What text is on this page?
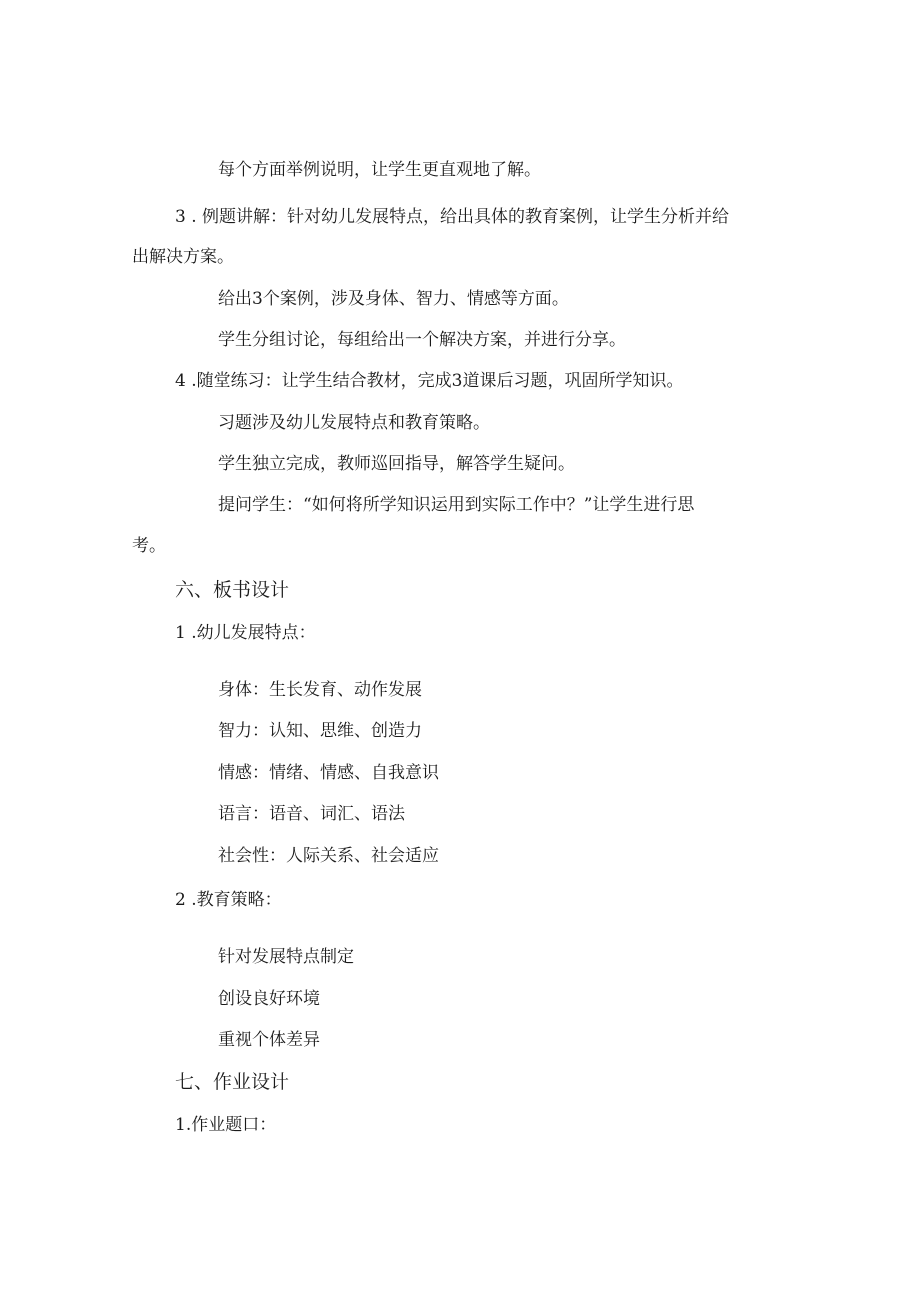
每个方面举例说明，让学生更直观地了解。
3 . 例题讲解：针对幼儿发展特点，给出具体的教育案例，让学生分析并给
出解决方案。
给出3个案例，涉及身体、智力、情感等方面。
学生分组讨论，每组给出一个解决方案，并进行分享。
4 .随堂练习：让学生结合教材，完成3道课后习题，巩固所学知识。
习题涉及幼儿发展特点和教育策略。
学生独立完成，教师巡回指导，解答学生疑问。
提问学生：“如何将所学知识运用到实际工作中？”让学生进行思
考。
六、板书设计
1 .幼儿发展特点：
身体：生长发育、动作发展
智力：认知、思维、创造力
情感：情绪、情感、自我意识
语言：语音、词汇、语法
社会性：人际关系、社会适应
2 .教育策略：
针对发展特点制定
创设良好环境
重视个体差异
七、作业设计
1.作业题口：
